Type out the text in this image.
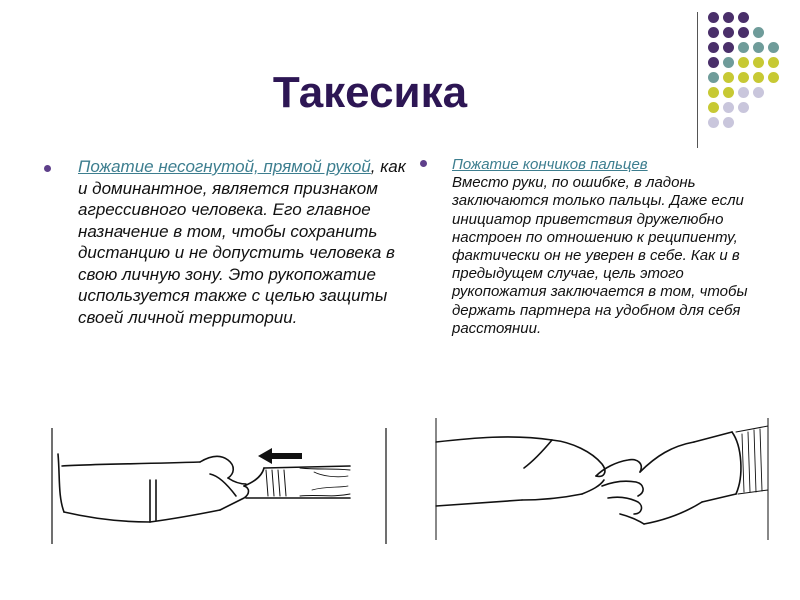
Такесика
Пожатие несогнутой, прямой рукой, как и доминантное, является признаком агрессивного человека. Его главное назначение в том, чтобы сохранить дистанцию и не допустить человека в свою личную зону. Это рукопожатие используется также с целью защиты своей личной территории.
Пожатие кончиков пальцев
Вместо руки, по ошибке, в ладонь заключаются только пальцы. Даже если инициатор приветствия дружелюбно настроен по отношению к реципиенту, фактически он не уверен в себе. Как и в предыдущем случае, цель этого рукопожатия заключается в том, чтобы держать партнера на удобном для себя расстоянии.
